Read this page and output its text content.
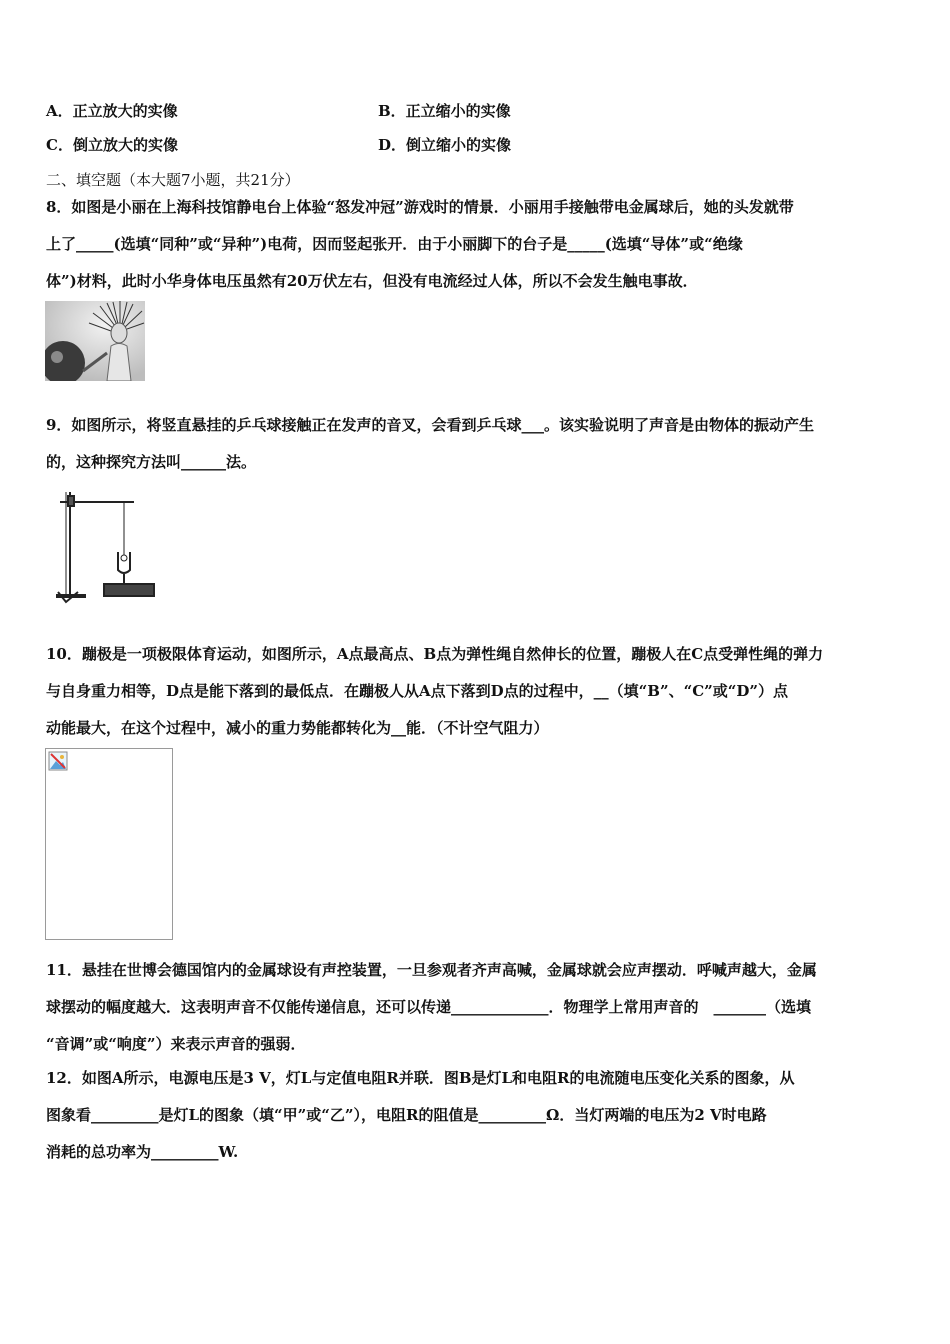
A．正立放大的实像	B．正立缩小的实像
C．倒立放大的实像	D．倒立缩小的实像
二、填空题（本大题7小题，共21分）
8．如图是小丽在上海科技馆静电台上体验“怒发冲冠”游戏时的情景．小丽用手接触带电金属球后，她的头发就带
上了_____(选填“同种”或“异种”)电荷，因而竖起张开．由于小丽脚下的台子是_____(选填“导体”或“绝缘
体”)材料，此时小华身体电压虽然有20万伏左右，但没有电流经过人体，所以不会发生触电事故．
9．如图所示，将竖直悬挂的乒乓球接触正在发声的音叉，会看到乒乓球___。该实验说明了声音是由物体的振动产生
的，这种探究方法叫______法。
10．蹦极是一项极限体育运动，如图所示，A点最高点、B点为弹性绳自然伸长的位置，蹦极人在C点受弹性绳的弹力
与自身重力相等，D点是能下落到的最低点．在蹦极人从A点下落到D点的过程中，__（填“B”、“C”或“D”）点
动能最大，在这个过程中，减小的重力势能都转化为__能．（不计空气阻力）
11．悬挂在世博会德国馆内的金属球设有声控装置，一旦参观者齐声高喊，金属球就会应声摆动．呼喊声越大，金属
球摆动的幅度越大．这表明声音不仅能传递信息，还可以传递_____________．物理学上常用声音的　_______（选填
“音调”或“响度”）来表示声音的强弱．
12．如图A所示，电源电压是3 V，灯L与定值电阻R并联．图B是灯L和电阻R的电流随电压变化关系的图象，从
图象看_________是灯L的图象（填“甲”或“乙”），电阻R的阻值是_________Ω．当灯两端的电压为2 V时电路
消耗的总功率为_________W.
